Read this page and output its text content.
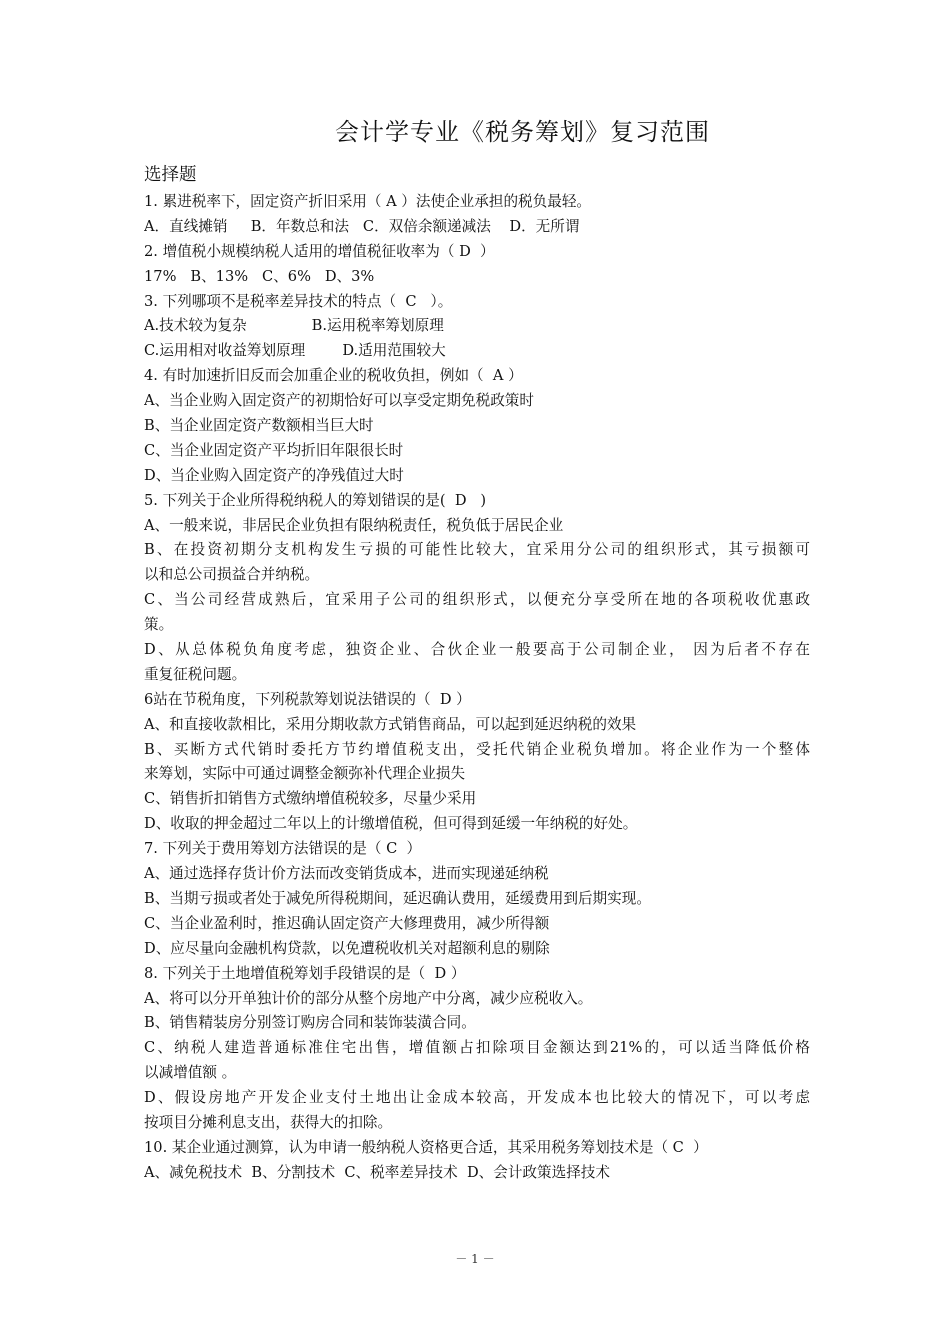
会计学专业《税务筹划》复习范围
选择题
1. 累进税率下，固定资产折旧采用（ A ）法使企业承担的税负最轻。
A．直线摊销     B．年数总和法   C．双倍余额递减法    D．无所谓
2. 增值税小规模纳税人适用的增值税征收率为（ D  ）
17%   B、13%   C、6%   D、3%
3. 下列哪项不是税率差异技术的特点（  C   ）。
A.技术较为复杂              B.运用税率筹划原理
C.运用相对收益筹划原理        D.适用范围较大
4. 有时加速折旧反而会加重企业的税收负担，例如（  A ）
A、当企业购入固定资产的初期恰好可以享受定期免税政策时
B、当企业固定资产数额相当巨大时
C、当企业固定资产平均折旧年限很长时
D、当企业购入固定资产的净残值过大时
5. 下列关于企业所得税纳税人的筹划错误的是(  D   )
A、一般来说，非居民企业负担有限纳税责任，税负低于居民企业
B、在投资初期分支机构发生亏损的可能性比较大，宜采用分公司的组织形式，其亏损额可
以和总公司损益合并纳税。
C、当公司经营成熟后，宜采用子公司的组织形式，以便充分享受所在地的各项税收优惠政
策。
D、从总体税负角度考虑，独资企业、合伙企业一般要高于公司制企业， 因为后者不存在
重复征税问题。
6站在节税角度，下列税款筹划说法错误的（  D ）
A、和直接收款相比，采用分期收款方式销售商品，可以起到延迟纳税的效果
B、买断方式代销时委托方节约增值税支出，受托代销企业税负增加。将企业作为一个整体
来筹划，实际中可通过调整金额弥补代理企业损失
C、销售折扣销售方式缴纳增值税较多，尽量少采用
D、收取的押金超过二年以上的计缴增值税，但可得到延缓一年纳税的好处。
7. 下列关于费用筹划方法错误的是（ C  ）
A、通过选择存货计价方法而改变销货成本，进而实现递延纳税
B、当期亏损或者处于减免所得税期间，延迟确认费用，延缓费用到后期实现。
C、当企业盈利时，推迟确认固定资产大修理费用，减少所得额
D、应尽量向金融机构贷款，以免遭税收机关对超额利息的剔除
8. 下列关于土地增值税筹划手段错误的是（  D ）
A、将可以分开单独计价的部分从整个房地产中分离，减少应税收入。
B、销售精装房分别签订购房合同和装饰装潢合同。
C、纳税人建造普通标准住宅出售，增值额占扣除项目金额达到21%的，可以适当降低价格
以减增值额 。
D、假设房地产开发企业支付土地出让金成本较高，开发成本也比较大的情况下，可以考虑
按项目分摊利息支出，获得大的扣除。
10. 某企业通过测算，认为申请一般纳税人资格更合适，其采用税务筹划技术是（ C  ）
A、减免税技术  B、分割技术  C、税率差异技术  D、会计政策选择技术
－ 1 －
